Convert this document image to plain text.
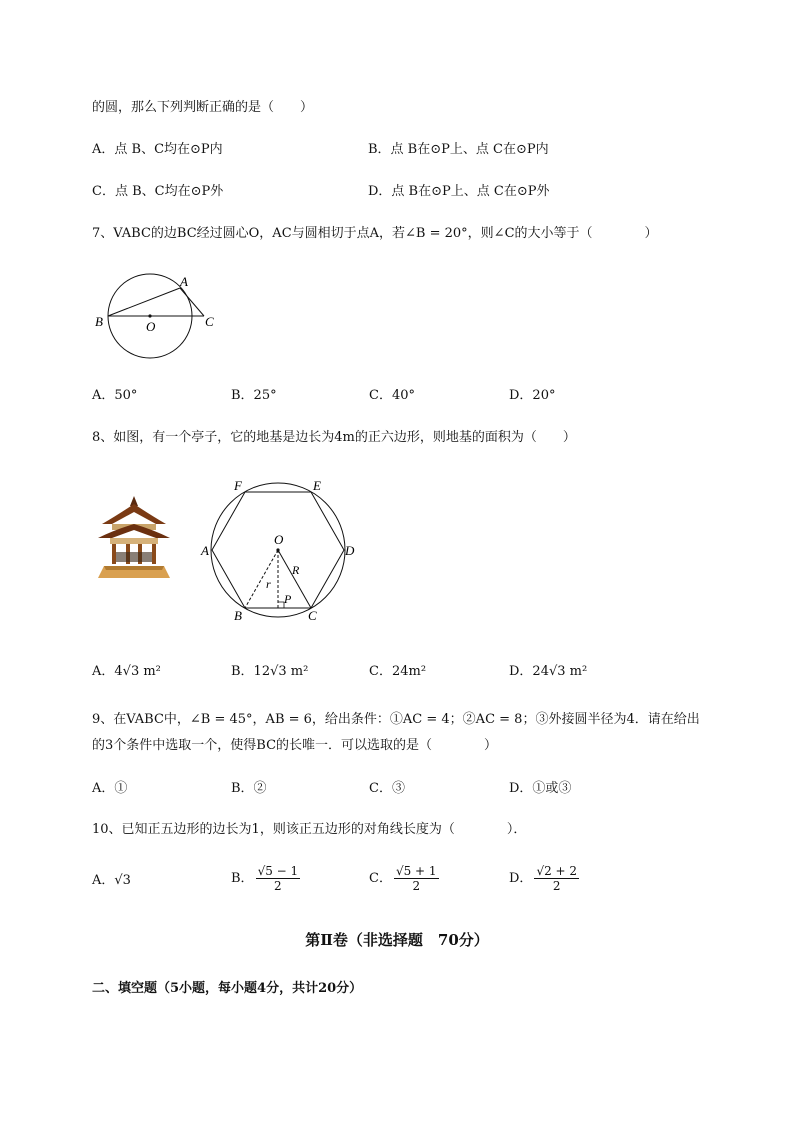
的圆，那么下列判断正确的是（　　）
A．点 B、C均在⊙P内	B．点 B在⊙P上、点 C在⊙P内
C．点 B、C均在⊙P外	D．点 B在⊙P上、点 C在⊙P外
7、VABC的边BC经过圆心O，AC与圆相切于点A，若∠B = 20°，则∠C的大小等于（　　　　）
B	O
A
C
A．50°	B．25°	C．40°	D．20°
8、如图，有一个亭子，它的地基是边长为4m的正六边形，则地基的面积为（　　）
F	E
A	D
O
R
r
P
B	C
A．4√3 m²	B．12√3 m²	C．24m²	D．24√3 m²
9、在VABC中，∠B = 45°，AB = 6，给出条件：①AC = 4；②AC = 8；③外接圆半径为4．请在给出
的3个条件中选取一个，使得BC的长唯一．可以选取的是（　　　　）
A．①	B．②	C．③	D．①或③
10、已知正五边形的边长为1，则该正五边形的对角线长度为（　　　　）．
A．√3	B． $\frac{√5 - 1}{2}$	C． $\frac{√5 + 1}{2}$	D． $\frac{√2 + 2}{2}$
第Ⅱ卷（非选择题　70分）
二、填空题（5小题，每小题4分，共计20分）
